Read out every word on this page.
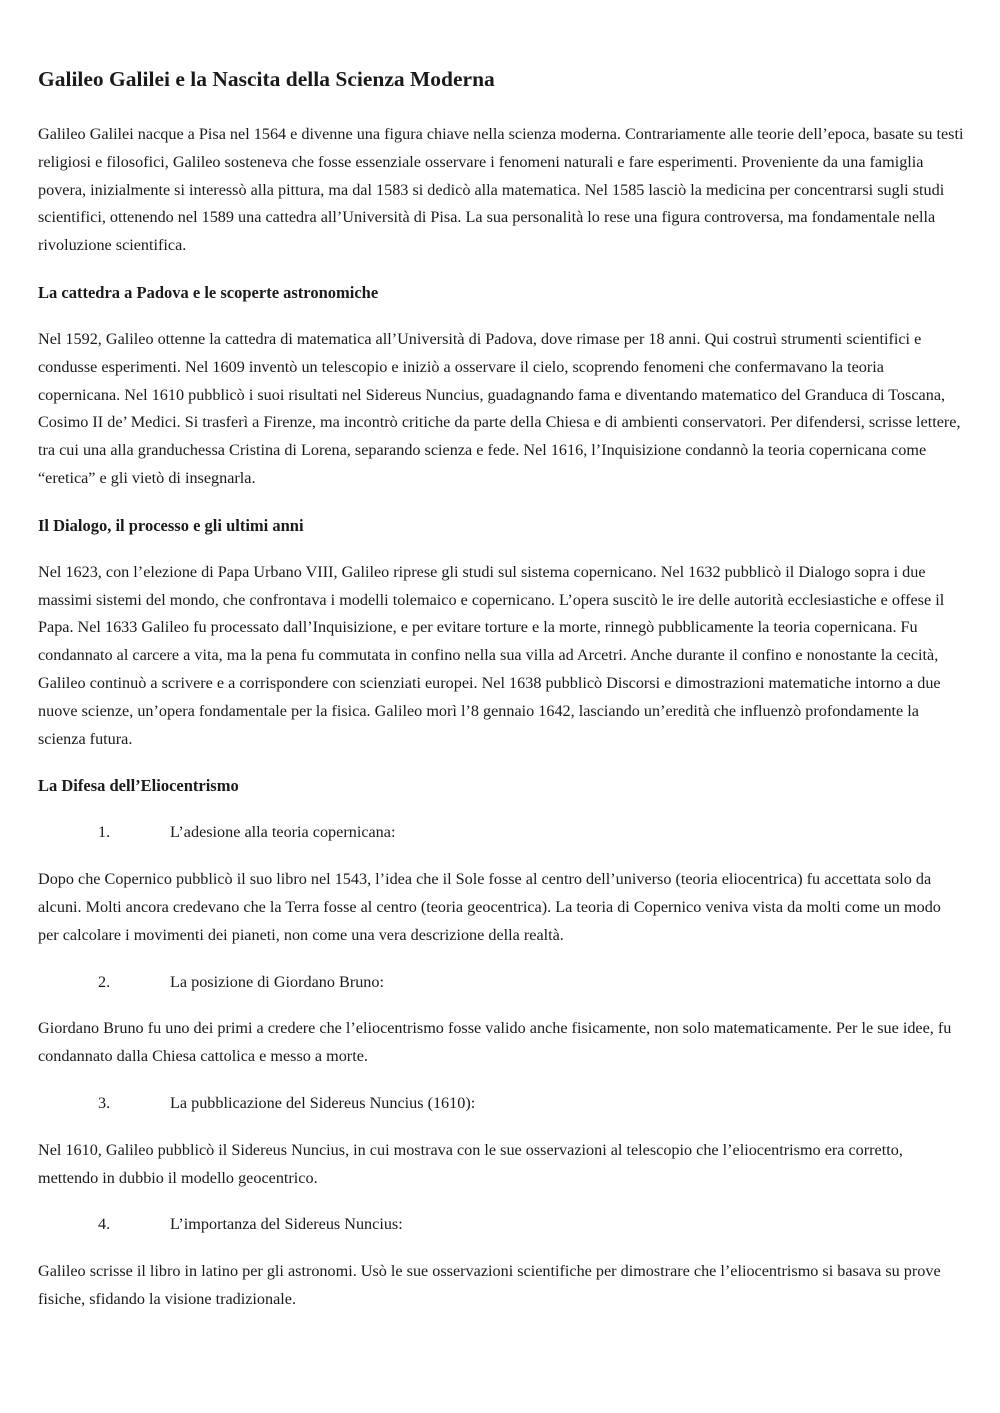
Galileo Galilei e la Nascita della Scienza Moderna

Galileo Galilei nacque a Pisa nel 1564 e divenne una figura chiave nella scienza moderna. Contrariamente alle teorie dell’epoca, basate su testi religiosi e filosofici, Galileo sosteneva che fosse essenziale osservare i fenomeni naturali e fare esperimenti. Proveniente da una famiglia povera, inizialmente si interessò alla pittura, ma dal 1583 si dedicò alla matematica. Nel 1585 lasciò la medicina per concentrarsi sugli studi scientifici, ottenendo nel 1589 una cattedra all’Università di Pisa. La sua personalità lo rese una figura controversa, ma fondamentale nella rivoluzione scientifica.

La cattedra a Padova e le scoperte astronomiche

Nel 1592, Galileo ottenne la cattedra di matematica all’Università di Padova, dove rimase per 18 anni. Qui costruì strumenti scientifici e condusse esperimenti. Nel 1609 inventò un telescopio e iniziò a osservare il cielo, scoprendo fenomeni che confermavano la teoria copernicana. Nel 1610 pubblicò i suoi risultati nel Sidereus Nuncius, guadagnando fama e diventando matematico del Granduca di Toscana, Cosimo II de’ Medici. Si trasferì a Firenze, ma incontrò critiche da parte della Chiesa e di ambienti conservatori. Per difendersi, scrisse lettere, tra cui una alla granduchessa Cristina di Lorena, separando scienza e fede. Nel 1616, l’Inquisizione condannò la teoria copernicana come “eretica” e gli vietò di insegnarla.

Il Dialogo, il processo e gli ultimi anni

Nel 1623, con l’elezione di Papa Urbano VIII, Galileo riprese gli studi sul sistema copernicano. Nel 1632 pubblicò il Dialogo sopra i due massimi sistemi del mondo, che confrontava i modelli tolemaico e copernicano. L’opera suscitò le ire delle autorità ecclesiastiche e offese il Papa. Nel 1633 Galileo fu processato dall’Inquisizione, e per evitare torture e la morte, rinnegò pubblicamente la teoria copernicana. Fu condannato al carcere a vita, ma la pena fu commutata in confino nella sua villa ad Arcetri. Anche durante il confino e nonostante la cecità, Galileo continuò a scrivere e a corrispondere con scienziati europei. Nel 1638 pubblicò Discorsi e dimostrazioni matematiche intorno a due nuove scienze, un’opera fondamentale per la fisica. Galileo morì l’8 gennaio 1642, lasciando un’eredità che influenzò profondamente la scienza futura.

La Difesa dell’Eliocentrismo
1.	L’adesione alla teoria copernicana:

Dopo che Copernico pubblicò il suo libro nel 1543, l’idea che il Sole fosse al centro dell’universo (teoria eliocentrica) fu accettata solo da alcuni. Molti ancora credevano che la Terra fosse al centro (teoria geocentrica). La teoria di Copernico veniva vista da molti come un modo per calcolare i movimenti dei pianeti, non come una vera descrizione della realtà.

2.	La posizione di Giordano Bruno:

Giordano Bruno fu uno dei primi a credere che l’eliocentrismo fosse valido anche fisicamente, non solo matematicamente. Per le sue idee, fu condannato dalla Chiesa cattolica e messo a morte.

3.	La pubblicazione del Sidereus Nuncius (1610):

Nel 1610, Galileo pubblicò il Sidereus Nuncius, in cui mostrava con le sue osservazioni al telescopio che l’eliocentrismo era corretto, mettendo in dubbio il modello geocentrico.

4.	L’importanza del Sidereus Nuncius:

Galileo scrisse il libro in latino per gli astronomi. Usò le sue osservazioni scientifiche per dimostrare che l’eliocentrismo si basava su prove fisiche, sfidando la visione tradizionale.
